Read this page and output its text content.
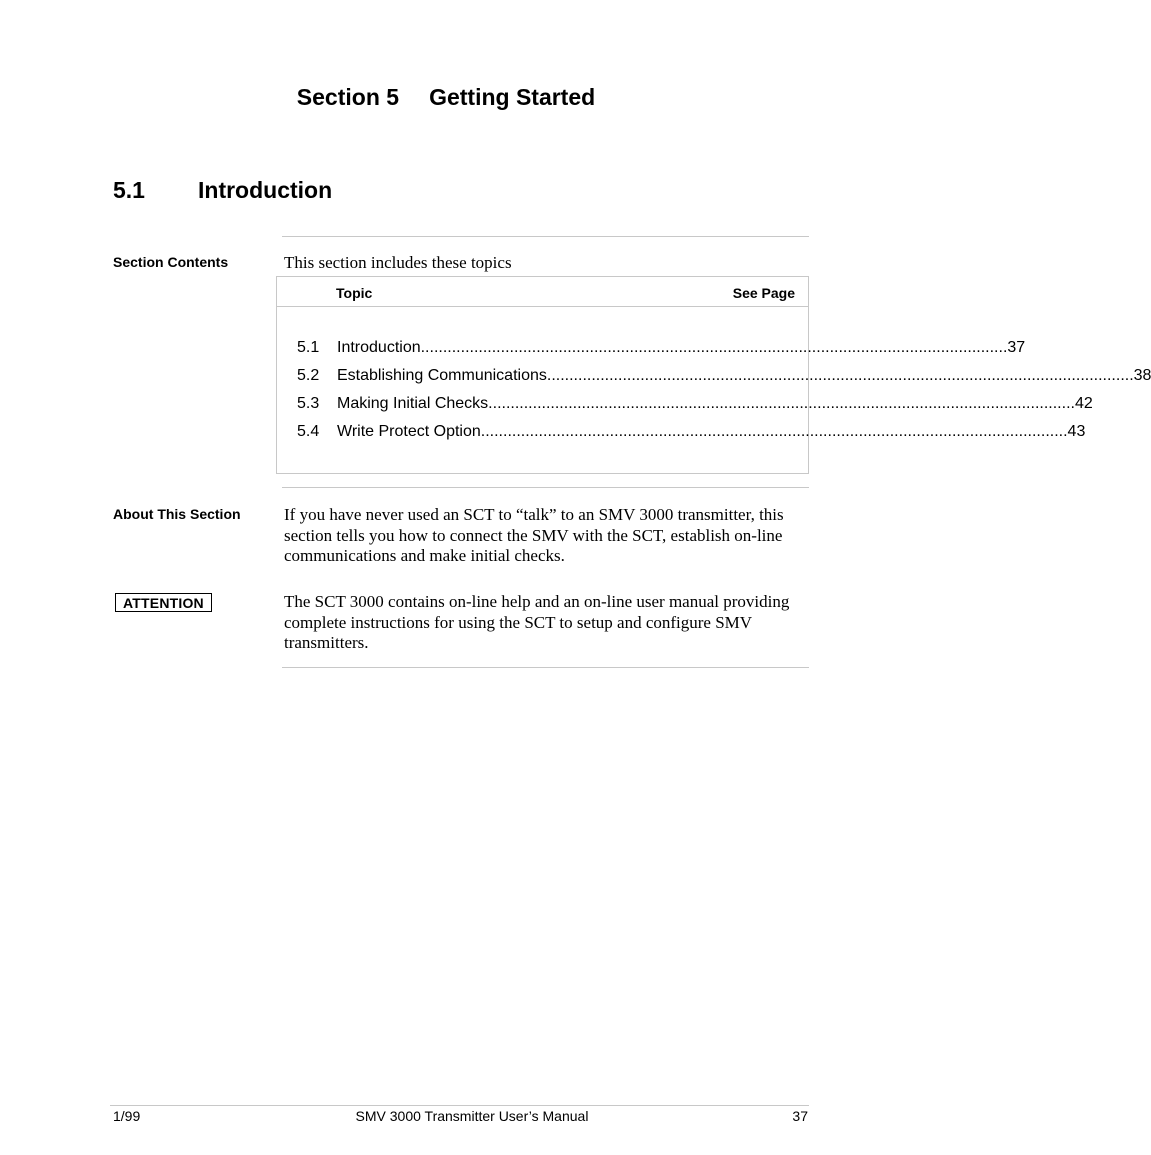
Section 5 Getting Started
5.1 Introduction
Section Contents	This section includes these topics
Topic	See Page
5.1 Introduction .................................................................................................................................... 37
5.2 Establishing Communications .................................................................................................................................... 38
5.3 Making Initial Checks .................................................................................................................................... 42
5.4 Write Protect Option .................................................................................................................................... 43
About This Section	If you have never used an SCT to “talk” to an SMV 3000 transmitter, this section tells you how to connect the SMV with the SCT, establish on-line communications and make initial checks.
ATTENTION	The SCT 3000 contains on-line help and an on-line user manual providing complete instructions for using the SCT to setup and configure SMV transmitters.
1/99	SMV 3000 Transmitter User’s Manual	37
